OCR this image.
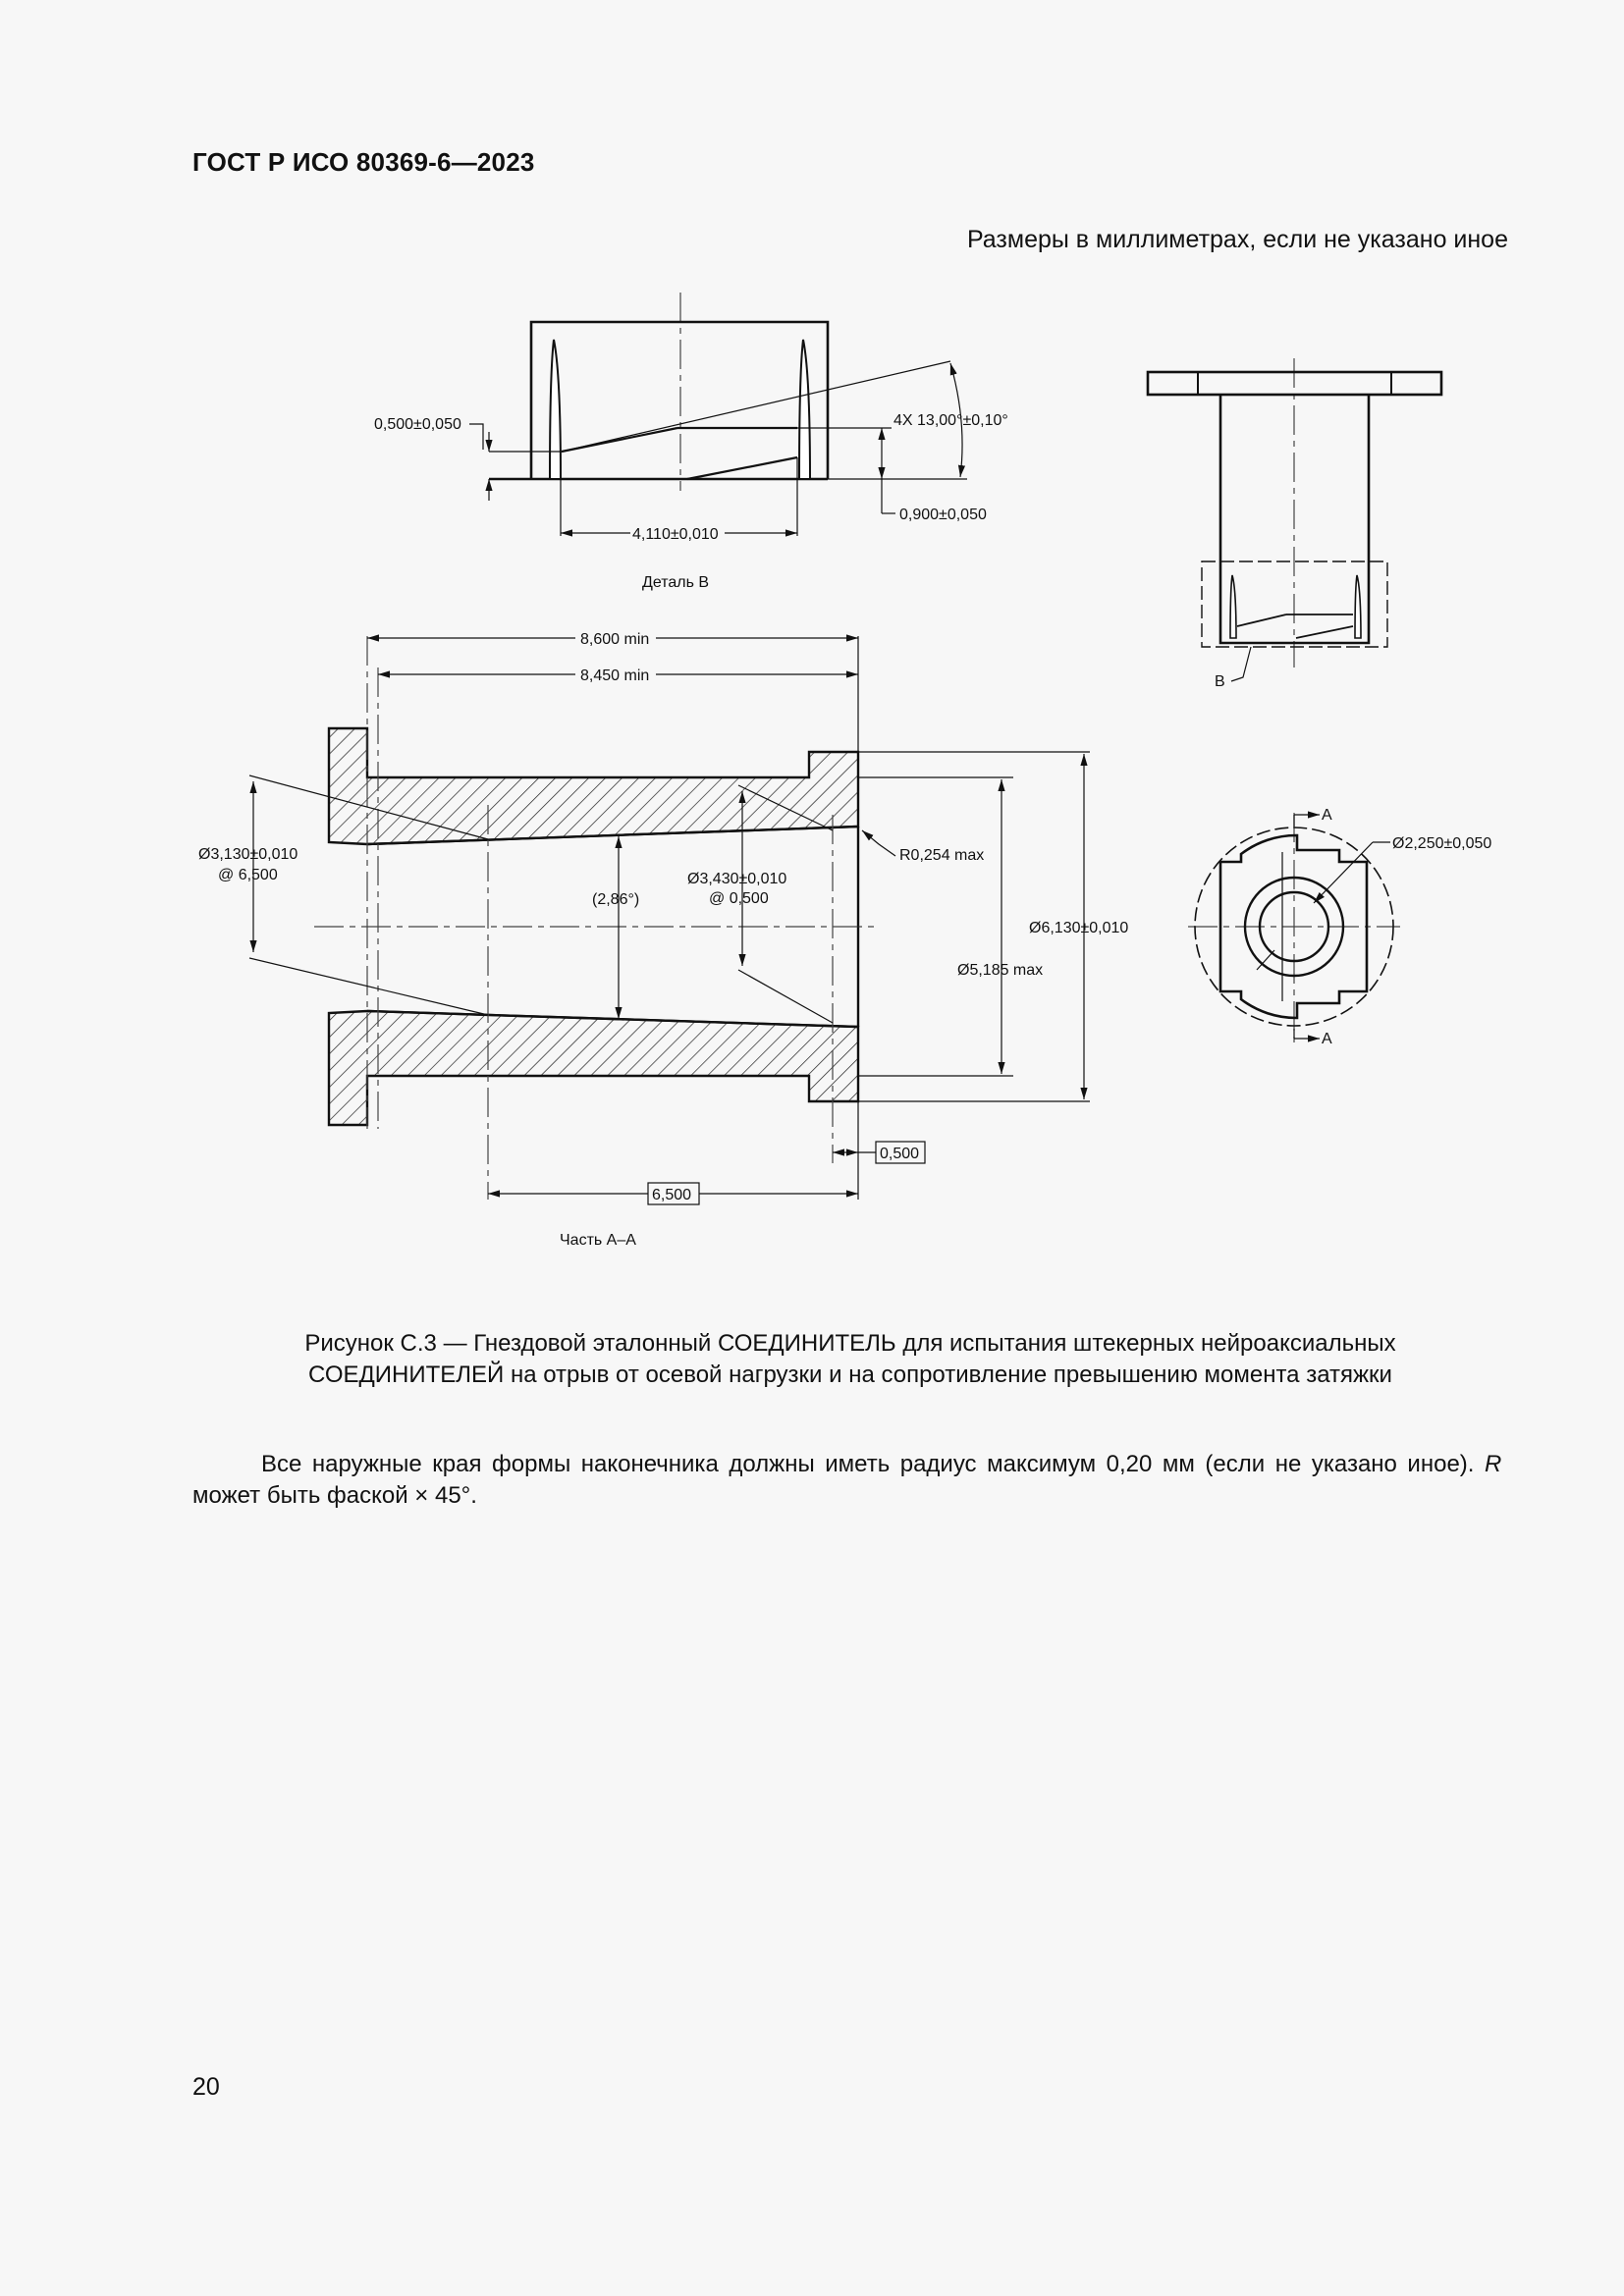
ГОСТ Р ИСО 80369-6—2023
Размеры в миллиметрах, если не указано иное
0,500±0,050	4X 13,00°±0,10°
0,900±0,050
4,110±0,010
Деталь B
B
8,600 min
8,450 min
Ø3,130±0,010
@ 6,500
(2,86°)
Ø3,430±0,010
@ 0,500
R0,254 max
Ø5,185 max
Ø6,130±0,010
0,500
6,500
Часть A–A
A
A
Ø2,250±0,050
Рисунок С.3 — Гнездовой эталонный СОЕДИНИТЕЛЬ для испытания штекерных нейроаксиальных
СОЕДИНИТЕЛЕЙ на отрыв от осевой нагрузки и на сопротивление превышению момента затяжки
Все наружные края формы наконечника должны иметь радиус максимум 0,20 мм (если не указано иное). R  может быть фаской × 45°.
20
